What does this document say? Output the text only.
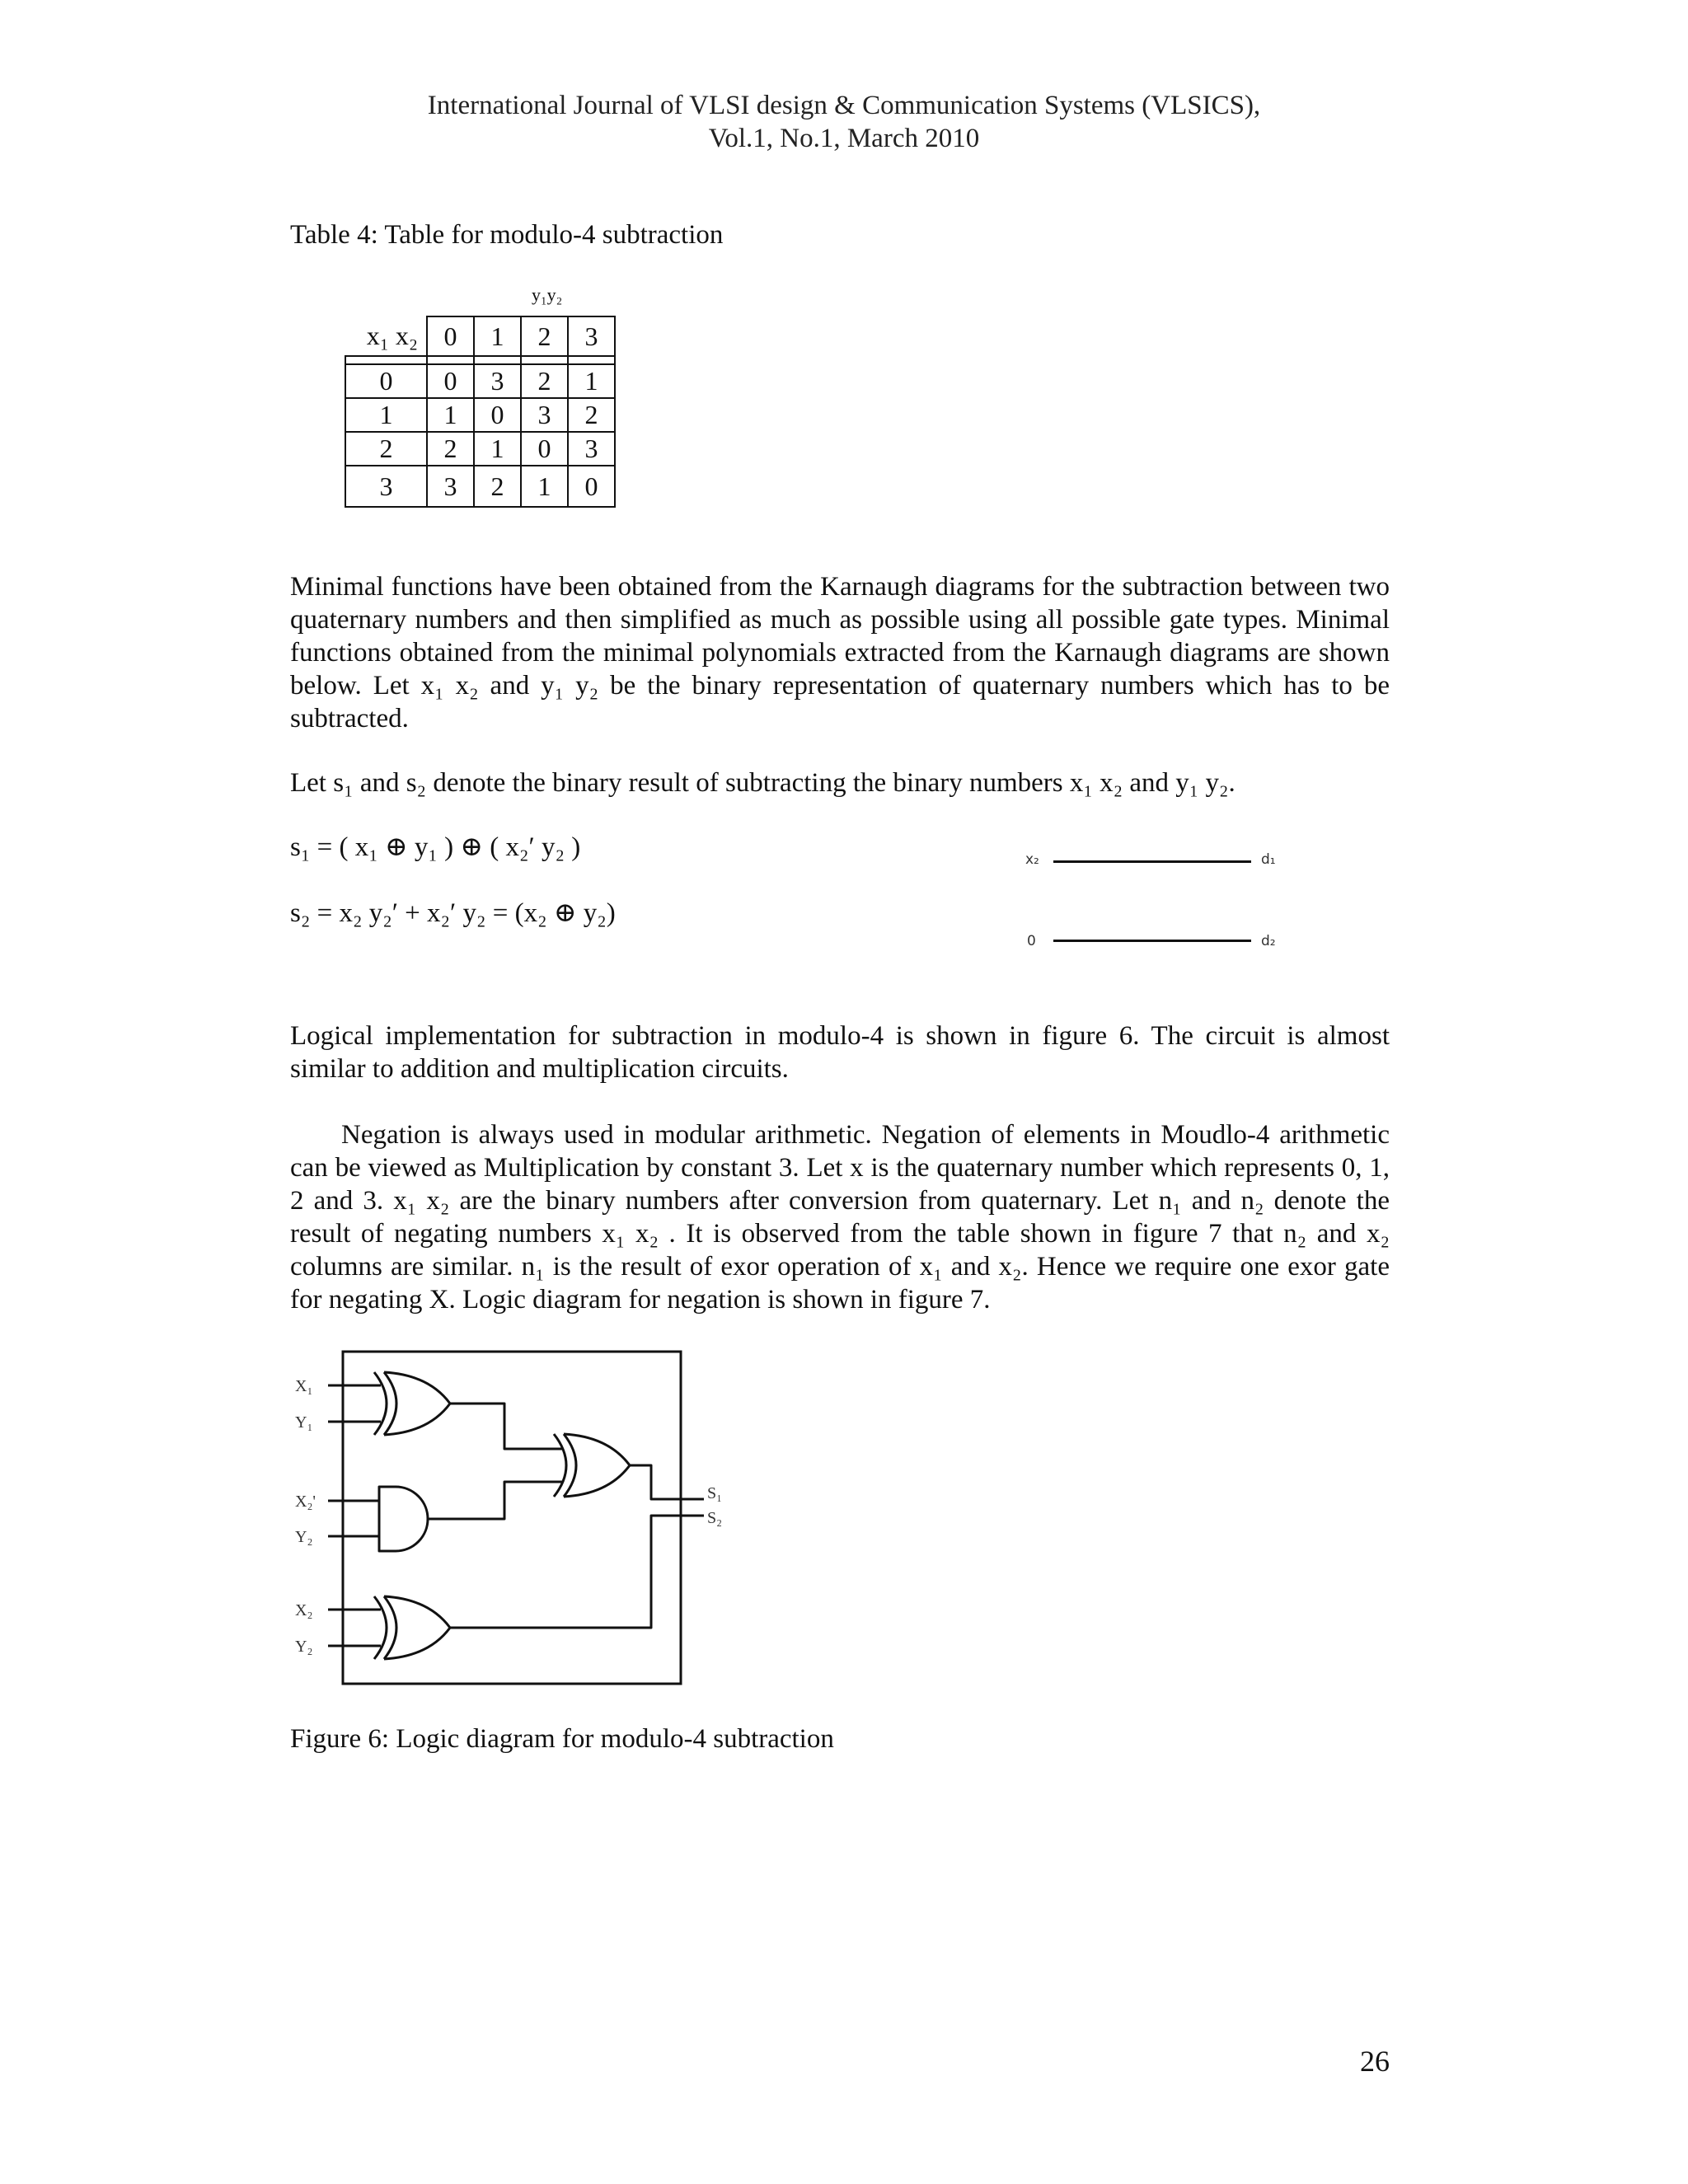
International Journal of VLSI design & Communication Systems (VLSICS),
Vol.1, No.1, March 2010
Table 4: Table for modulo-4 subtraction
y₁y₂
x₁ x₂	0	1	2	3

0	0	3	2	1
1	1	0	3	2
2	2	1	0	3
3	3	2	1	0
Minimal functions have been obtained from the Karnaugh diagrams for the subtraction between two quaternary numbers and then simplified as much as possible using all possible gate types. Minimal functions obtained from the minimal polynomials extracted from the Karnaugh diagrams are shown below. Let x₁ x₂ and y₁ y₂ be the binary representation of quaternary numbers which has to be subtracted.
Let s₁ and s₂ denote the binary result of subtracting the binary numbers x₁ x₂ and y₁ y₂.
s₁ = ( x₁ ⊕ y₁ ) ⊕ ( x₂′ y₂ )
s₂ = x₂ y₂′ + x₂′ y₂ = (x₂ ⊕ y₂)
x₂	d₁
0	d₂
Logical implementation for subtraction in modulo-4 is shown in figure 6. The circuit is almost similar to addition and multiplication circuits.
Negation is always used in modular arithmetic. Negation of elements in Moudlo-4 arithmetic can be viewed as Multiplication by constant 3. Let x is the quaternary number which represents 0, 1, 2 and 3. x₁ x₂ are the binary numbers after conversion from quaternary. Let n₁ and n₂ denote the result of negating numbers x₁ x₂ . It is observed from the table shown in figure 7 that n₂ and x₂ columns are similar. n₁ is the result of exor operation of x₁ and x₂. Hence we require one exor gate for negating X. Logic diagram for negation is shown in figure 7.
X₁
Y₁
X₂'
Y₂
X₂
Y₂
S₁
S₂
Figure 6: Logic diagram for modulo-4 subtraction
26
